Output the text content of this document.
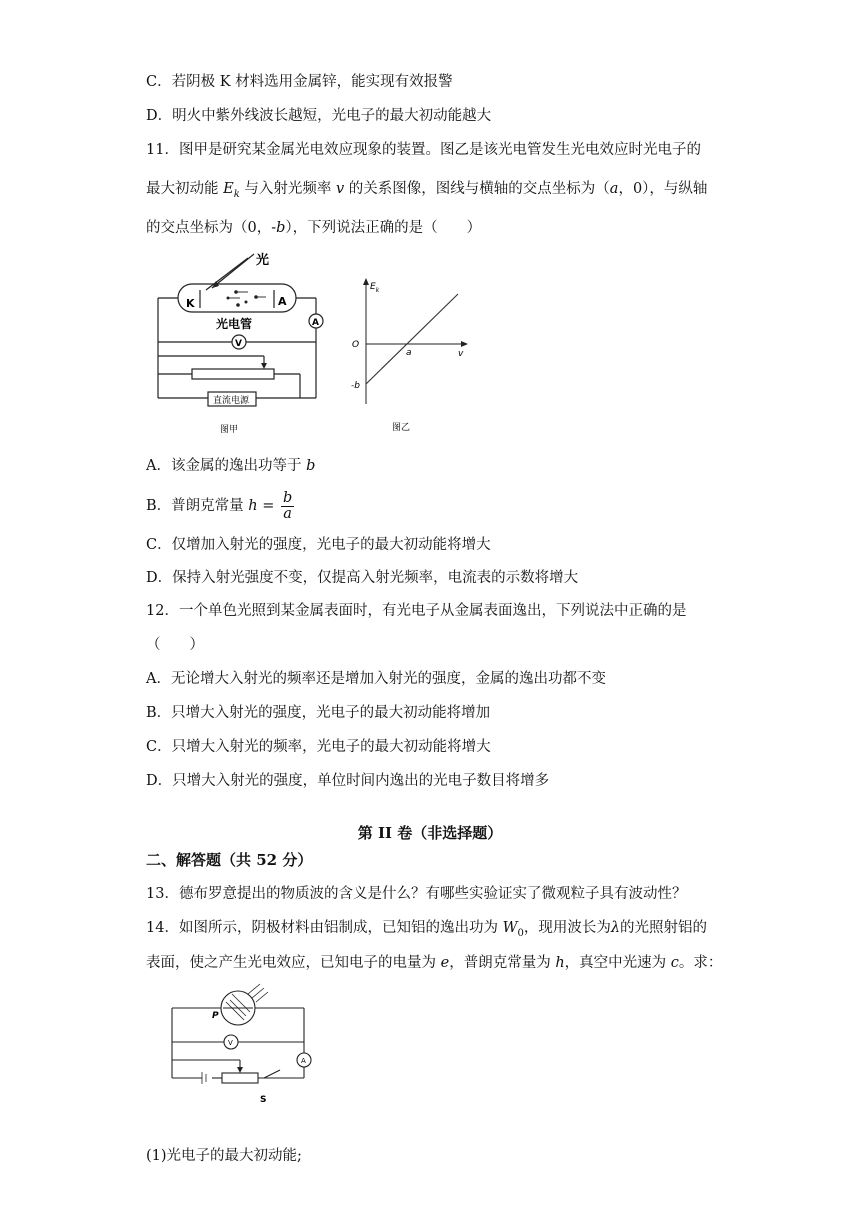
C．若阴极 K 材料选用金属锌，能实现有效报警
D．明火中紫外线波长越短，光电子的最大初动能越大
11．图甲是研究某金属光电效应现象的装置。图乙是该光电管发生光电效应时光电子的
最大初动能 $E_k$ 与入射光频率 v 的关系图像，图线与横轴的交点坐标为（a，0），与纵轴
的交点坐标为（0，-b），下列说法正确的是（　　）
光
K	A
光电管	A
V
直流电源
图甲
$E_k$
O
a	v
-b
图乙
A．该金属的逸出功等于 b
B．普朗克常量 $h = \frac{b}{a}$
C．仅增加入射光的强度，光电子的最大初动能将增大
D．保持入射光强度不变，仅提高入射光频率，电流表的示数将增大
12．一个单色光照到某金属表面时，有光电子从金属表面逸出，下列说法中正确的是
（　　）
A．无论增大入射光的频率还是增加入射光的强度，金属的逸出功都不变
B．只增大入射光的强度，光电子的最大初动能将增加
C．只增大入射光的频率，光电子的最大初动能将增大
D．只增大入射光的强度，单位时间内逸出的光电子数目将增多
第 II 卷（非选择题）
二、解答题（共 52 分）
13．德布罗意提出的物质波的含义是什么？有哪些实验证实了微观粒子具有波动性？
14．如图所示，阴极材料由铝制成，已知铝的逸出功为 $W_0$，现用波长为λ的光照射铝的
表面，使之产生光电效应，已知电子的电量为 e，普朗克常量为 h，真空中光速为 c。求：
P
V
A
S
(1)光电子的最大初动能;
